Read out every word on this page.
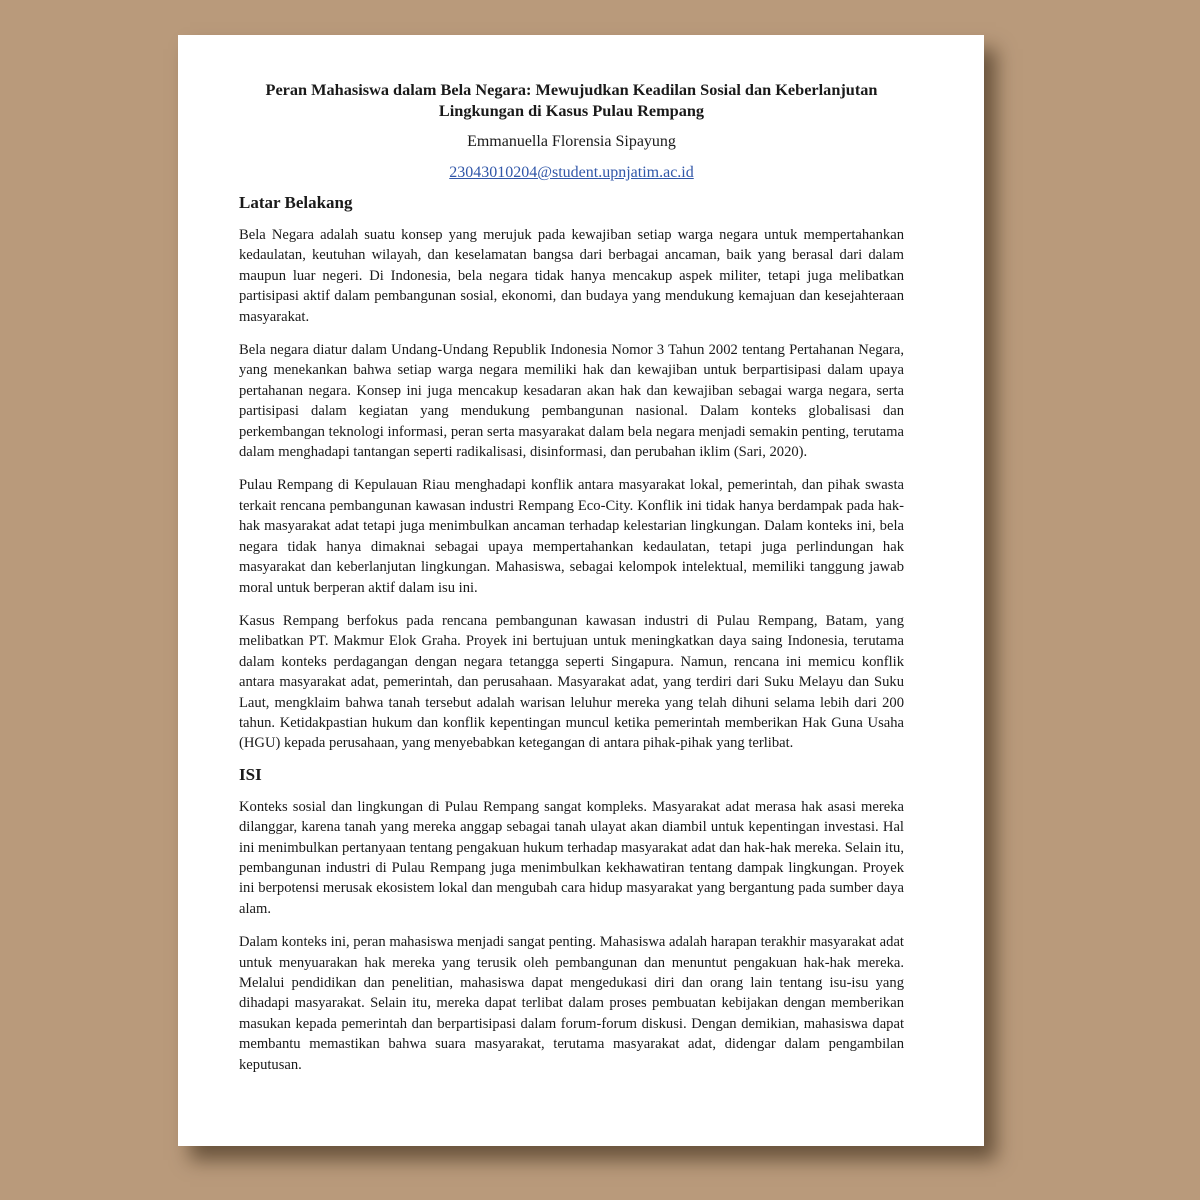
Peran Mahasiswa dalam Bela Negara: Mewujudkan Keadilan Sosial dan Keberlanjutan Lingkungan di Kasus Pulau Rempang

Emmanuella Florensia Sipayung

23043010204@student.upnjatim.ac.id
Latar Belakang

Bela Negara adalah suatu konsep yang merujuk pada kewajiban setiap warga negara untuk mempertahankan kedaulatan, keutuhan wilayah, dan keselamatan bangsa dari berbagai ancaman, baik yang berasal dari dalam maupun luar negeri. Di Indonesia, bela negara tidak hanya mencakup aspek militer, tetapi juga melibatkan partisipasi aktif dalam pembangunan sosial, ekonomi, dan budaya yang mendukung kemajuan dan kesejahteraan masyarakat.

Bela negara diatur dalam Undang-Undang Republik Indonesia Nomor 3 Tahun 2002 tentang Pertahanan Negara, yang menekankan bahwa setiap warga negara memiliki hak dan kewajiban untuk berpartisipasi dalam upaya pertahanan negara. Konsep ini juga mencakup kesadaran akan hak dan kewajiban sebagai warga negara, serta partisipasi dalam kegiatan yang mendukung pembangunan nasional. Dalam konteks globalisasi dan perkembangan teknologi informasi, peran serta masyarakat dalam bela negara menjadi semakin penting, terutama dalam menghadapi tantangan seperti radikalisasi, disinformasi, dan perubahan iklim (Sari, 2020).

Pulau Rempang di Kepulauan Riau menghadapi konflik antara masyarakat lokal, pemerintah, dan pihak swasta terkait rencana pembangunan kawasan industri Rempang Eco-City. Konflik ini tidak hanya berdampak pada hak-hak masyarakat adat tetapi juga menimbulkan ancaman terhadap kelestarian lingkungan. Dalam konteks ini, bela negara tidak hanya dimaknai sebagai upaya mempertahankan kedaulatan, tetapi juga perlindungan hak masyarakat dan keberlanjutan lingkungan. Mahasiswa, sebagai kelompok intelektual, memiliki tanggung jawab moral untuk berperan aktif dalam isu ini.

Kasus Rempang berfokus pada rencana pembangunan kawasan industri di Pulau Rempang, Batam, yang melibatkan PT. Makmur Elok Graha. Proyek ini bertujuan untuk meningkatkan daya saing Indonesia, terutama dalam konteks perdagangan dengan negara tetangga seperti Singapura. Namun, rencana ini memicu konflik antara masyarakat adat, pemerintah, dan perusahaan. Masyarakat adat, yang terdiri dari Suku Melayu dan Suku Laut, mengklaim bahwa tanah tersebut adalah warisan leluhur mereka yang telah dihuni selama lebih dari 200 tahun. Ketidakpastian hukum dan konflik kepentingan muncul ketika pemerintah memberikan Hak Guna Usaha (HGU) kepada perusahaan, yang menyebabkan ketegangan di antara pihak-pihak yang terlibat.

ISI

Konteks sosial dan lingkungan di Pulau Rempang sangat kompleks. Masyarakat adat merasa hak asasi mereka dilanggar, karena tanah yang mereka anggap sebagai tanah ulayat akan diambil untuk kepentingan investasi. Hal ini menimbulkan pertanyaan tentang pengakuan hukum terhadap masyarakat adat dan hak-hak mereka. Selain itu, pembangunan industri di Pulau Rempang juga menimbulkan kekhawatiran tentang dampak lingkungan. Proyek ini berpotensi merusak ekosistem lokal dan mengubah cara hidup masyarakat yang bergantung pada sumber daya alam.

Dalam konteks ini, peran mahasiswa menjadi sangat penting. Mahasiswa adalah harapan terakhir masyarakat adat untuk menyuarakan hak mereka yang terusik oleh pembangunan dan menuntut pengakuan hak-hak mereka. Melalui pendidikan dan penelitian, mahasiswa dapat mengedukasi diri dan orang lain tentang isu-isu yang dihadapi masyarakat. Selain itu, mereka dapat terlibat dalam proses pembuatan kebijakan dengan memberikan masukan kepada pemerintah dan berpartisipasi dalam forum-forum diskusi. Dengan demikian, mahasiswa dapat membantu memastikan bahwa suara masyarakat, terutama masyarakat adat, didengar dalam pengambilan keputusan.
